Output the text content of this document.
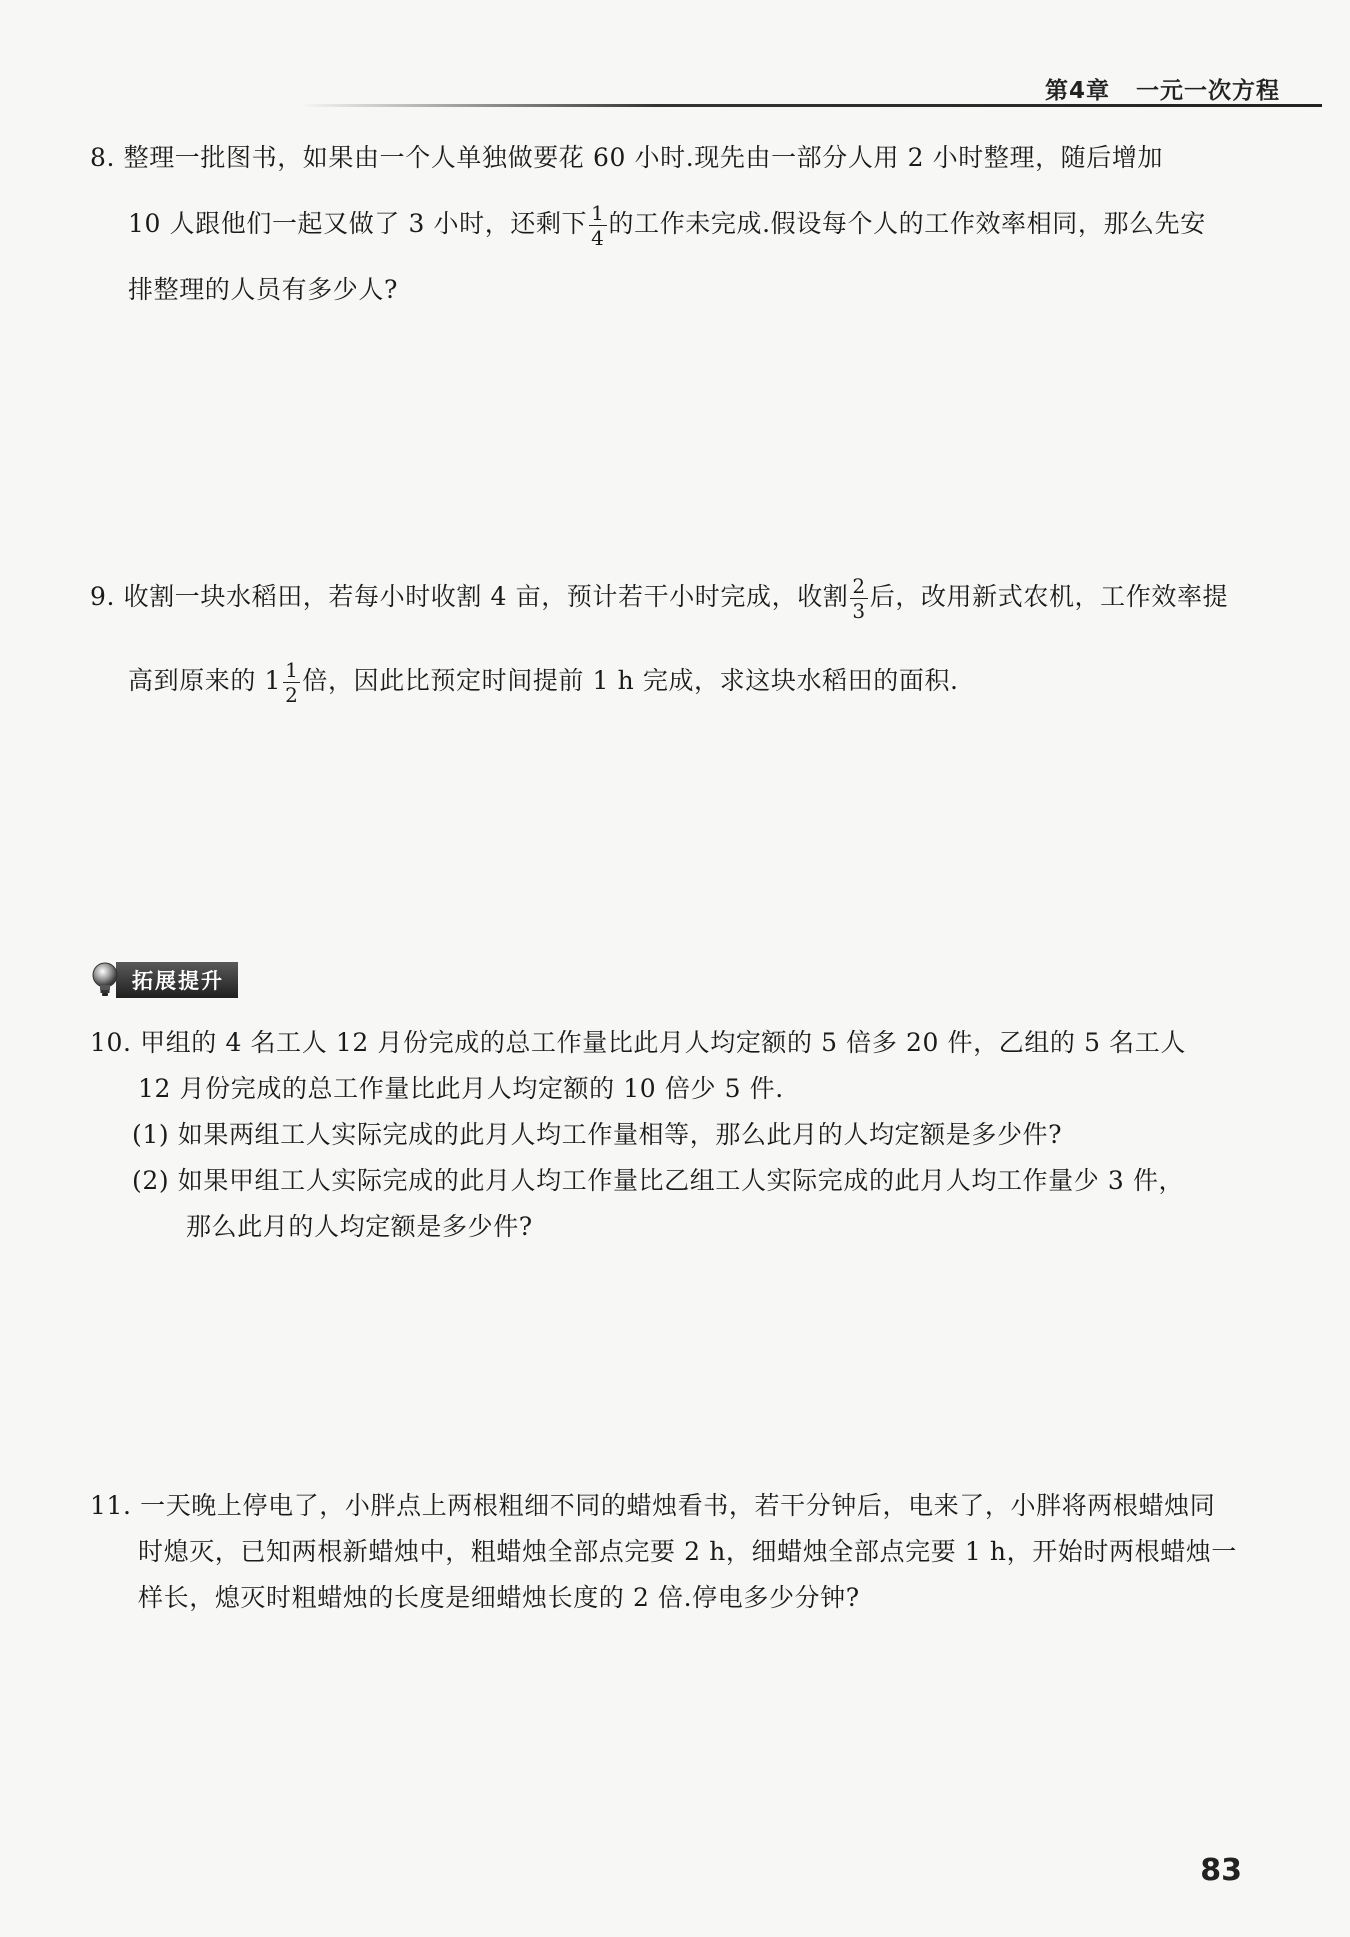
第4章 一元一次方程
8. 整理一批图书，如果由一个人单独做要花 60 小时.现先由一部分人用 2 小时整理，随后增加
10 人跟他们一起又做了 3 小时，还剩下 $\frac{1}{4}$ 的工作未完成.假设每个人的工作效率相同，那么先安
排整理的人员有多少人?
9. 收割一块水稻田，若每小时收割 4 亩，预计若干小时完成，收割 $\frac{2}{3}$ 后，改用新式农机，工作效率提
高到原来的 $1 \frac{1}{2}$ 倍，因此比预定时间提前 1 h 完成，求这块水稻田的面积.
拓展提升
10. 甲组的 4 名工人 12 月份完成的总工作量比此月人均定额的 5 倍多 20 件，乙组的 5 名工人
12 月份完成的总工作量比此月人均定额的 10 倍少 5 件.
(1) 如果两组工人实际完成的此月人均工作量相等，那么此月的人均定额是多少件?
(2) 如果甲组工人实际完成的此月人均工作量比乙组工人实际完成的此月人均工作量少 3 件，
那么此月的人均定额是多少件?
11. 一天晚上停电了，小胖点上两根粗细不同的蜡烛看书，若干分钟后，电来了，小胖将两根蜡烛同
时熄灭，已知两根新蜡烛中，粗蜡烛全部点完要 2 h，细蜡烛全部点完要 1 h，开始时两根蜡烛一
样长，熄灭时粗蜡烛的长度是细蜡烛长度的 2 倍.停电多少分钟?
83
